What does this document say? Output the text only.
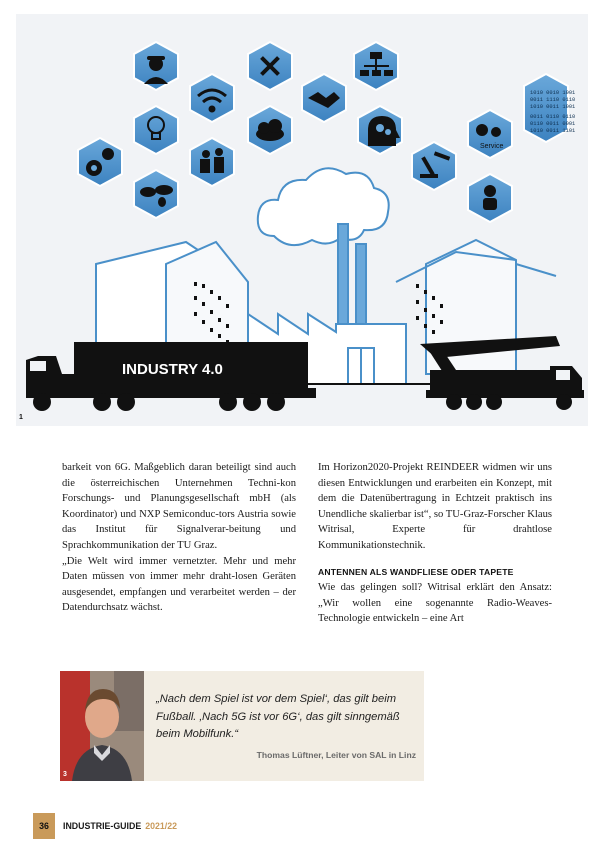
Service
1010 0010 1001
0011 1110 0110
1010 0011 1001
0011 0110 0110
0110 0011 0001
1010 0011 1101
INDUSTRY 4.0
1

barkeit von 6G. Maßgeblich daran beteiligt sind auch die österreichischen Unternehmen Techni-kon Forschungs- und Planungsgesellschaft mbH (als Koordinator) und NXP Semiconduc-tors Austria sowie das Institut für Signalverar-beitung und Sprachkommunikation der TU Graz.

„Die Welt wird immer vernetzter. Mehr und mehr Daten müssen von immer mehr draht-losen Geräten ausgesendet, empfangen und verarbeitet werden – der Datendurchsatz wächst.

Im Horizon2020-Projekt REINDEER widmen wir uns diesen Entwicklungen und erarbeiten ein Konzept, mit dem die Datenübertragung in Echtzeit praktisch ins Unendliche skalierbar ist“, so TU-Graz-Forscher Klaus Witrisal, Experte für drahtlose Kommunikationstechnik.

ANTENNEN ALS WANDFLIESE ODER TAPETE

Wie das gelingen soll? Witrisal erklärt den Ansatz: „Wir wollen eine sogenannte Radio-Weaves-Technologie entwickeln – eine Art

3
„Nach dem Spiel ist vor dem Spiel‘, das gilt beim Fußball. ‚Nach 5G ist vor 6G‘, das gilt sinngemäß beim Mobilfunk.“
Thomas Lüftner, Leiter von SAL in Linz
36	INDUSTRIE-GUIDE 2021/22
